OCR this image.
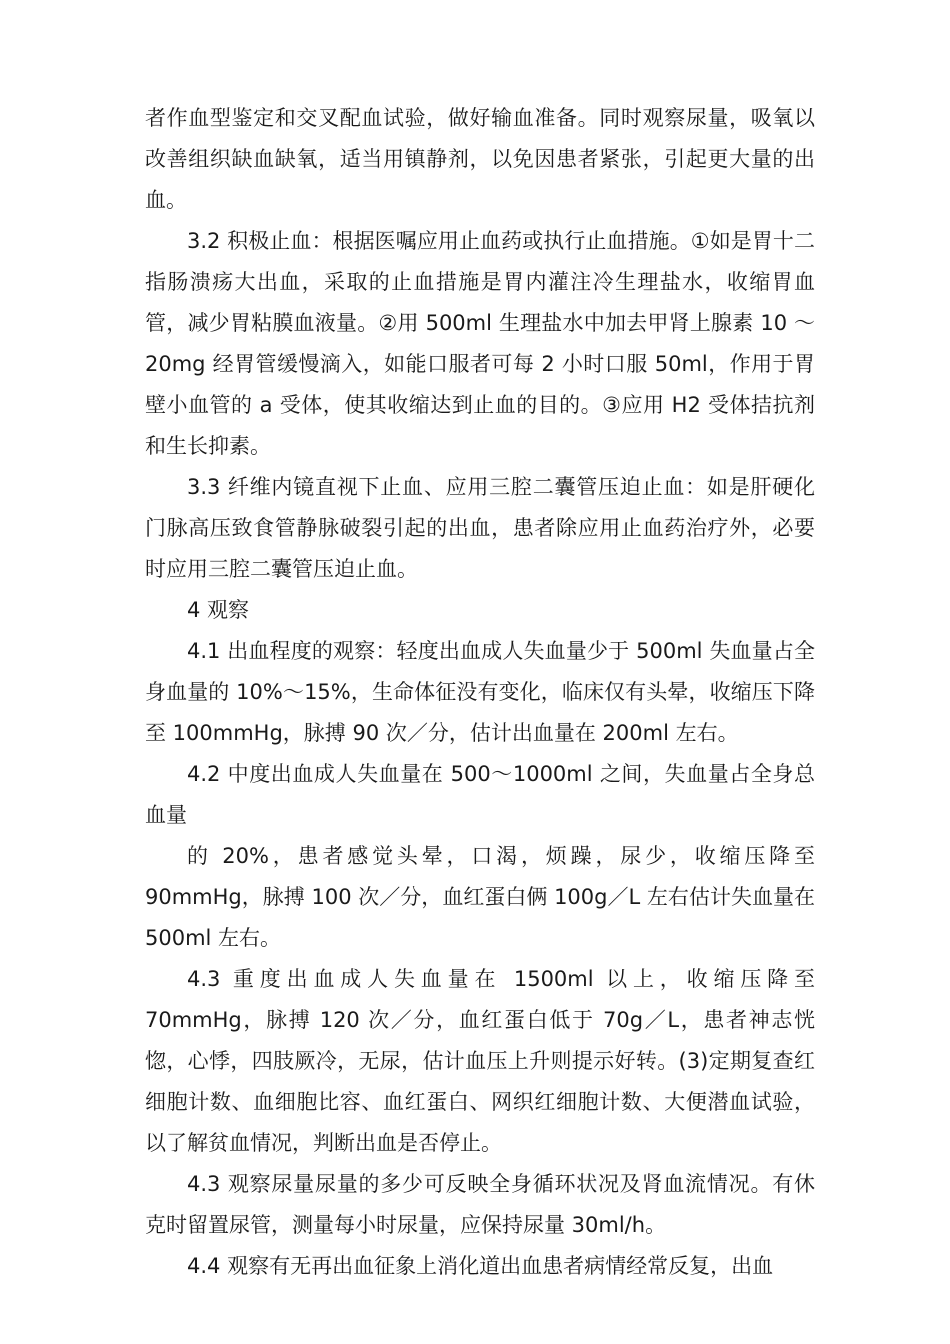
者作血型鉴定和交叉配血试验，做好输血准备。同时观察尿量，吸氧以改善组织缺血缺氧，适当用镇静剂，以免因患者紧张，引起更大量的出血。

3.2 积极止血：根据医嘱应用止血药或执行止血措施。①如是胃十二指肠溃疡大出血，采取的止血措施是胃内灌注冷生理盐水，收缩胃血管，减少胃粘膜血液量。②用 500ml 生理盐水中加去甲肾上腺素 10 ～20mg 经胃管缓慢滴入，如能口服者可每 2 小时口服 50ml，作用于胃壁小血管的 a 受体，使其收缩达到止血的目的。③应用 H2 受体拮抗剂和生长抑素。

3.3 纤维内镜直视下止血、应用三腔二囊管压迫止血：如是肝硬化门脉高压致食管静脉破裂引起的出血，患者除应用止血药治疗外，必要时应用三腔二囊管压迫止血。

4 观察

4.1 出血程度的观察：轻度出血成人失血量少于 500ml 失血量占全身血量的 10%～15%，生命体征没有变化，临床仅有头晕，收缩压下降至 100mmHg，脉搏 90 次／分，估计出血量在 200ml 左右。

4.2 中度出血成人失血量在 500～1000ml 之间，失血量占全身总血量

的 20%，患者感觉头晕，口渴，烦躁，尿少，收缩压降至 90mmHg，脉搏 100 次／分，血红蛋白俩 100g／L 左右估计失血量在 500ml 左右。

4.3 重度出血成人失血量在 1500ml 以上，收缩压降至 70mmHg，脉搏 120 次／分，血红蛋白低于 70g／L，患者神志恍惚，心悸，四肢厥冷，无尿，估计血压上升则提示好转。(3)定期复查红细胞计数、血细胞比容、血红蛋白、网织红细胞计数、大便潜血试验，以了解贫血情况，判断出血是否停止。

4.3 观察尿量尿量的多少可反映全身循环状况及肾血流情况。有休克时留置尿管，测量每小时尿量，应保持尿量 30ml/h。

4.4 观察有无再出血征象上消化道出血患者病情经常反复，出血
